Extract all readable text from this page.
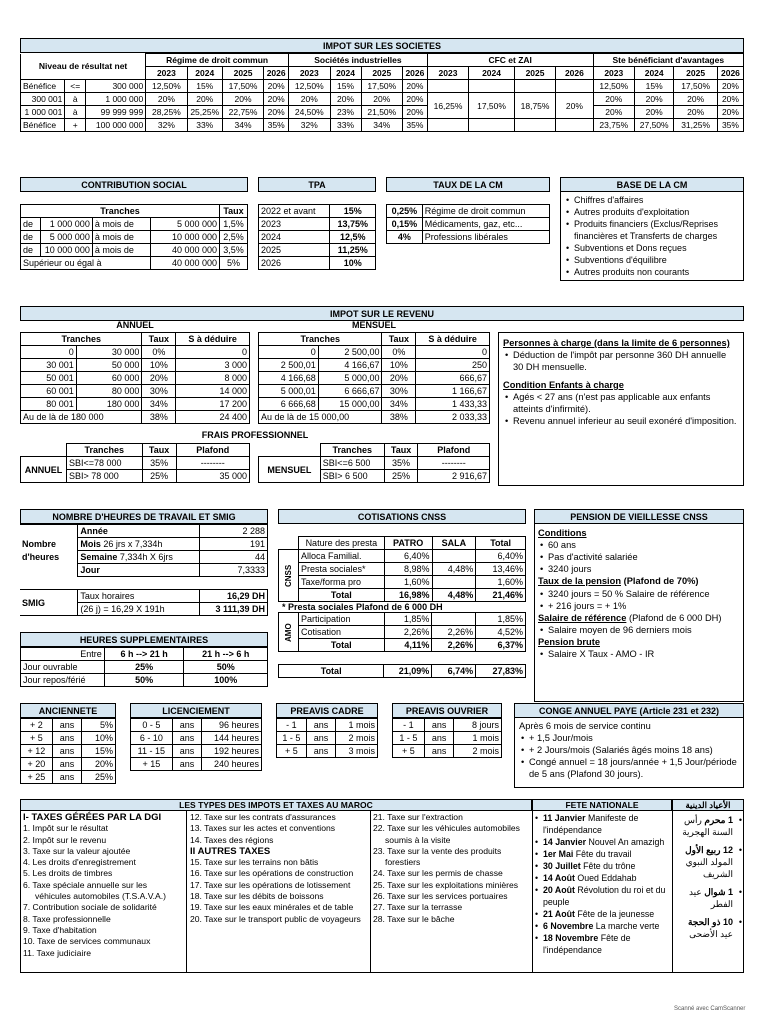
IMPOT SUR LES SOCIETES
Niveau de résultat net			Régime de droit commun				Sociétés industrielles				CFC et ZAI				Ste bénéficiant d'avantages			
			2023	2024	2025	2026	2023	2024	2025	2026	2023	2024	2025	2026	2023	2024	2025	2026
Bénéfice	<=	300 000	12,50%	15%	17,50%	20%	12,50%	15%	17,50%	20%					12,50%	15%	17,50%	20%
300 001	à	1 000 000	20%	20%	20%	20%	20%	20%	20%	20%	16,25%	17,50%	18,75%	20%	20%	20%	20%	20%
1 000 001	à	99 999 999	28,25%	25,25%	22,75%	20%	24,50%	23%	21,50%	20%					20%	20%	20%	20%
Bénéfice	+	100 000 000	32%	33%	34%	35%	32%	33%	34%	35%					23,75%	27,50%	31,25%	35%
CONTRIBUTION SOCIAL
Tranches				Taux
de	1 000 000	à mois de	5 000 000	1,5%
de	5 000 000	à mois de	10 000 000	2,5%
de	10 000 000	à mois de	40 000 000	3,5%
Supérieur ou égal à			40 000 000	5%
TPA
2022 et avant	15%
2023	13,75%
2024	12,5%
2025	11,25%
2026	10%
TAUX DE LA CM
0,25%	Régime de droit commun
0,15%	Médicaments, gaz, etc...
4%	Professions libérales
BASE DE LA CM
• Chiffres d'affaires
• Autres produits d'exploitation
• Produits financiers (Exclus/Reprises financières et Transferts de charges
• Subventions et Dons reçues
• Subventions d'équilibre
• Autres produits non courants
IMPOT SUR LE REVENU
ANNUEL	MENSUEL
Tranches		Taux	S à déduire
0	30 000	0%	0
30 001	50 000	10%	3 000
50 001	60 000	20%	8 000
60 001	80 000	30%	14 000
80 001	180 000	34%	17 200
Au de là de 180 000		38%	24 400
Tranches		Taux	S à déduire
0	2 500,00	0%	0
2 500,01	4 166,67	10%	250
4 166,68	5 000,00	20%	666,67
5 000,01	6 666,67	30%	1 166,67
6 666,68	15 000,00	34%	1 433,33
Au de là de 15 000,00		38%	2 033,33
FRAIS PROFESSIONNEL
	Tranches	Taux	Plafond
ANNUEL	SBI<=78 000	35%	--------
	SBI> 78 000	25%	35 000
	Tranches	Taux	Plafond
MENSUEL	SBI<=6 500	35%	--------
	SBI> 6 500	25%	2 916,67
Personnes à charge (dans la limite de 6 personnes)
• Déduction de l'impôt par personne 360 DH annuelle 30 DH mensuelle.
Condition Enfants à charge
• Agés < 27 ans (n'est pas applicable aux enfants atteints d'infirmité).
• Revenu annuel inferieur au seuil exonéré d'imposition.
NOMBRE D'HEURES DE TRAVAIL ET SMIG
Nombre d'heures	Année	2 288
	Mois 26 jrs x 7,334h	191
	Semaine 7,334h X 6jrs	44
	Jour	7,3333

SMIG	Taux horaires	16,29 DH
	(26 j) = 16,29 X 191h	3 111,39 DH
HEURES SUPPLEMENTAIRES
Entre	6 h --> 21 h	21 h --> 6 h
Jour ouvrable	25%	50%
Jour repos/férié	50%	100%
COTISATIONS CNSS
	Nature des presta	PATRO	SALA	Total
CNSS	Alloca Familial.	6,40%		6,40%
	Presta sociales*	8,98%	4,48%	13,46%
	Taxe/forma pro	1,60%		1,60%
	Total	16,98%	4,48%	21,46%
* Presta sociales Plafond de 6 000 DH
AMO	Participation	1,85%		1,85%
	Cotisation	2,26%	2,26%	4,52%
	Total	4,11%	2,26%	6,37%
Total	21,09%	6,74%	27,83%
PENSION DE VIEILLESSE CNSS
Conditions
• 60 ans
• Pas d'activité salariée
• 3240 jours
Taux de la pension (Plafond de 70%)
• 3240 jours = 50 % Salaire de référence
• + 216 jours = + 1%
Salaire de référence (Plafond de 6 000 DH)
• Salaire moyen de 96 derniers mois
Pension brute
• Salaire X Taux - AMO - IR
ANCIENNETE
+ 2	ans	5%
+ 5	ans	10%
+ 12	ans	15%
+ 20	ans	20%
+ 25	ans	25%
LICENCIEMENT
0 - 5	ans	96 heures
6 - 10	ans	144 heures
11 - 15	ans	192 heures
+ 15	ans	240 heures
PREAVIS CADRE
- 1	ans	1 mois
1 - 5	ans	2 mois
+ 5	ans	3 mois
PREAVIS OUVRIER
- 1	ans	8 jours
1 - 5	ans	1 mois
+ 5	ans	2 mois
CONGE ANNUEL PAYE (Article 231 et 232)
Après 6 mois de service continu
• + 1,5 Jour/mois
• + 2 Jours/mois (Salariés âgés moins 18 ans)
• Congé annuel = 18 jours/année + 1,5 Jour/période de 5 ans (Plafond 30 jours).
LES TYPES DES IMPOTS ET TAXES AU MAROC	FETE NATIONALE	الأعياد الدينية
I- TAXES GÉRÉES PAR LA DGI
1. Impôt sur le résultat
2. Impôt sur le revenu
3. Taxe sur la valeur ajoutée
4. Les droits d'enregistrement
5. Les droits de timbres
6. Taxe spéciale annuelle sur les véhicules automobiles (T.S.A.V.A.)
7. Contribution sociale de solidarité
8. Taxe professionnelle
9. Taxe d'habitation
10. Taxe de services communaux
11. Taxe judiciaire
12. Taxe sur les contrats d'assurances
13. Taxes sur les actes et conventions
14. Taxes des régions
II AUTRES TAXES
15. Taxe sur les terrains non bâtis
16. Taxe sur les opérations de construction
17. Taxe sur les opérations de lotissement
18. Taxe sur les débits de boissons
19. Taxe sur les eaux minérales et de table
20. Taxe sur le transport public de voyageurs
21. Taxe sur l'extraction
22. Taxe sur les véhicules automobiles soumis à la visite
23. Taxe sur la vente des produits forestiers
24. Taxe sur les permis de chasse
25. Taxe sur les exploitations minières
26. Taxe sur les services portuaires
27. Taxe sur la terrasse
28. Taxe sur le bâche
• 11 Janvier Manifeste de l'indépendance
• 14 Janvier Nouvel An amazigh
• 1er Mai Fête du travail
• 30 Juillet Fête du trône
• 14 Août Oued Eddahab
• 20 Août Révolution du roi et du peuple
• 21 Août Fête de la jeunesse
• 6 Novembre La marche verte
• 18 Novembre Fête de l'indépendance
• 1 محرم رأس السنة الهجرية
• 12 ربيع الأول المولد النبوي الشريف
• 1 شوال عيد الفطر
• 10 ذو الحجة عيد الأضحى
Scanné avec CamScanner
